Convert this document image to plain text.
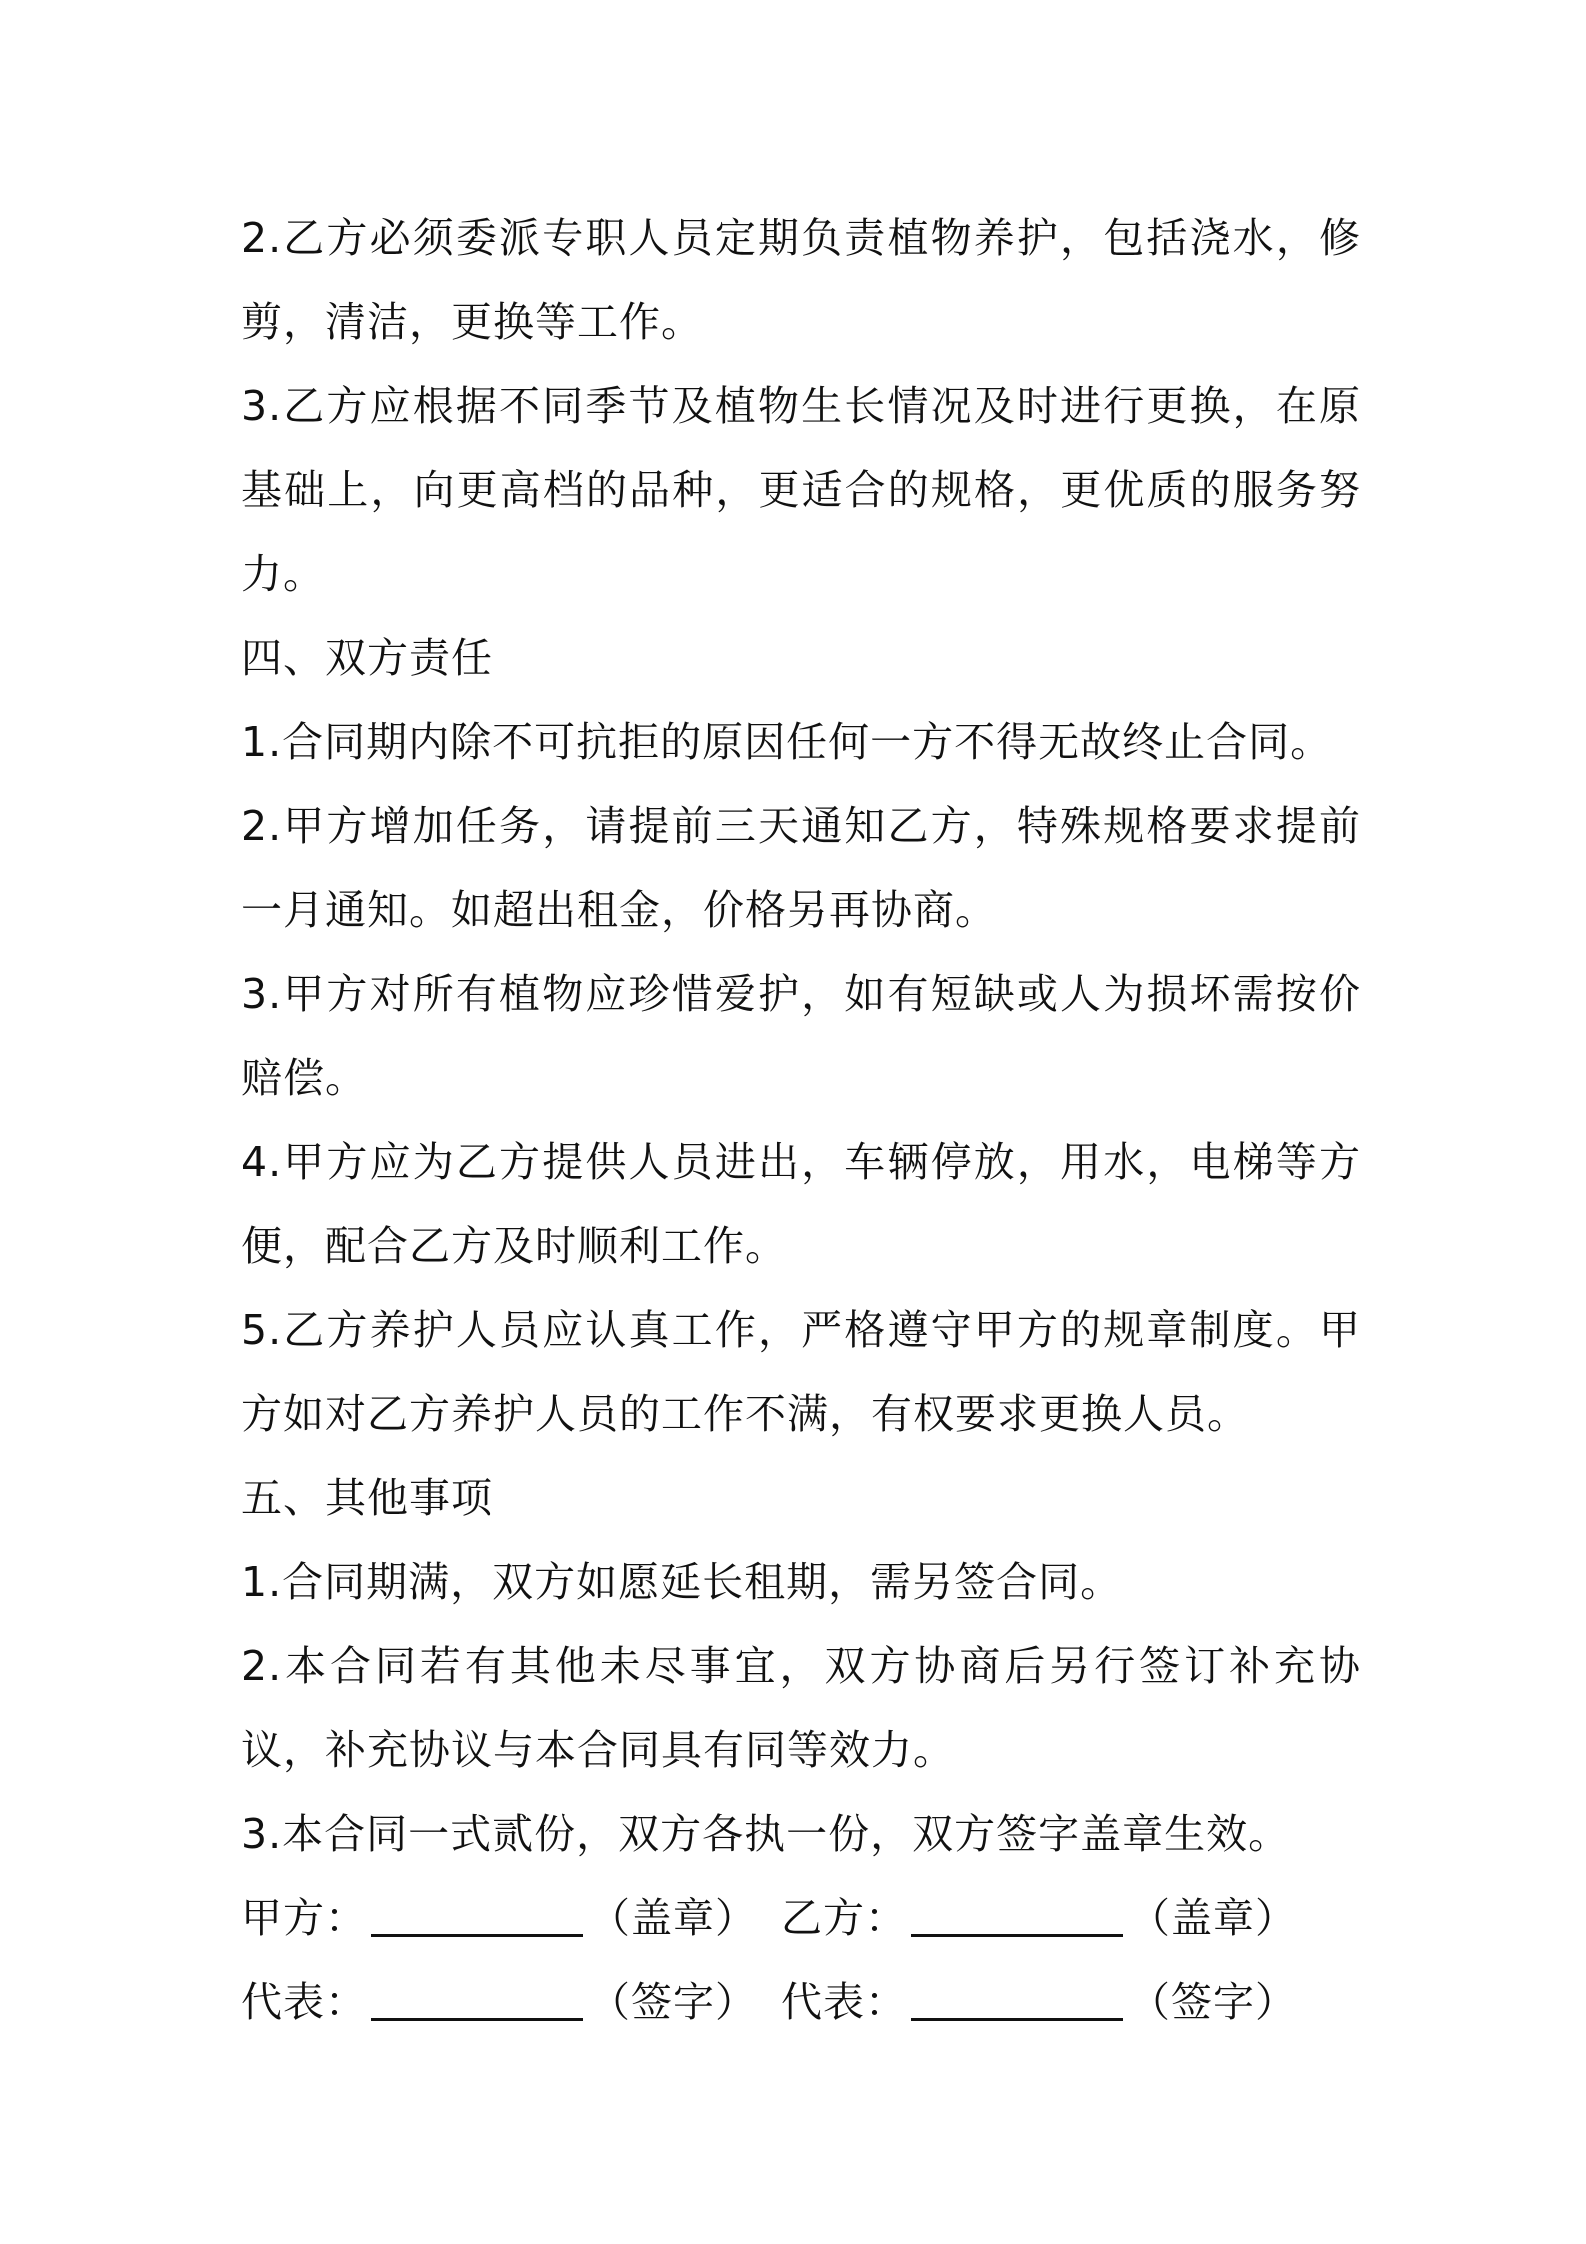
2.乙方必须委派专职人员定期负责植物养护，包括浇水，修剪，清洁，更换等工作。

3.乙方应根据不同季节及植物生长情况及时进行更换，在原基础上，向更高档的品种，更适合的规格，更优质的服务努力。

四、双方责任

1.合同期内除不可抗拒的原因任何一方不得无故终止合同。

2.甲方增加任务，请提前三天通知乙方，特殊规格要求提前一月通知。如超出租金，价格另再协商。

3.甲方对所有植物应珍惜爱护，如有短缺或人为损坏需按价赔偿。

4.甲方应为乙方提供人员进出，车辆停放，用水，电梯等方便，配合乙方及时顺利工作。

5.乙方养护人员应认真工作，严格遵守甲方的规章制度。甲方如对乙方养护人员的工作不满，有权要求更换人员。

五、其他事项

1.合同期满，双方如愿延长租期，需另签合同。

2.本合同若有其他未尽事宜，双方协商后另行签订补充协议，补充协议与本合同具有同等效力。

3.本合同一式贰份，双方各执一份，双方签字盖章生效。

甲方：	（盖章） 乙方：	（盖章）
代表：	（签字） 代表：	（签字）
